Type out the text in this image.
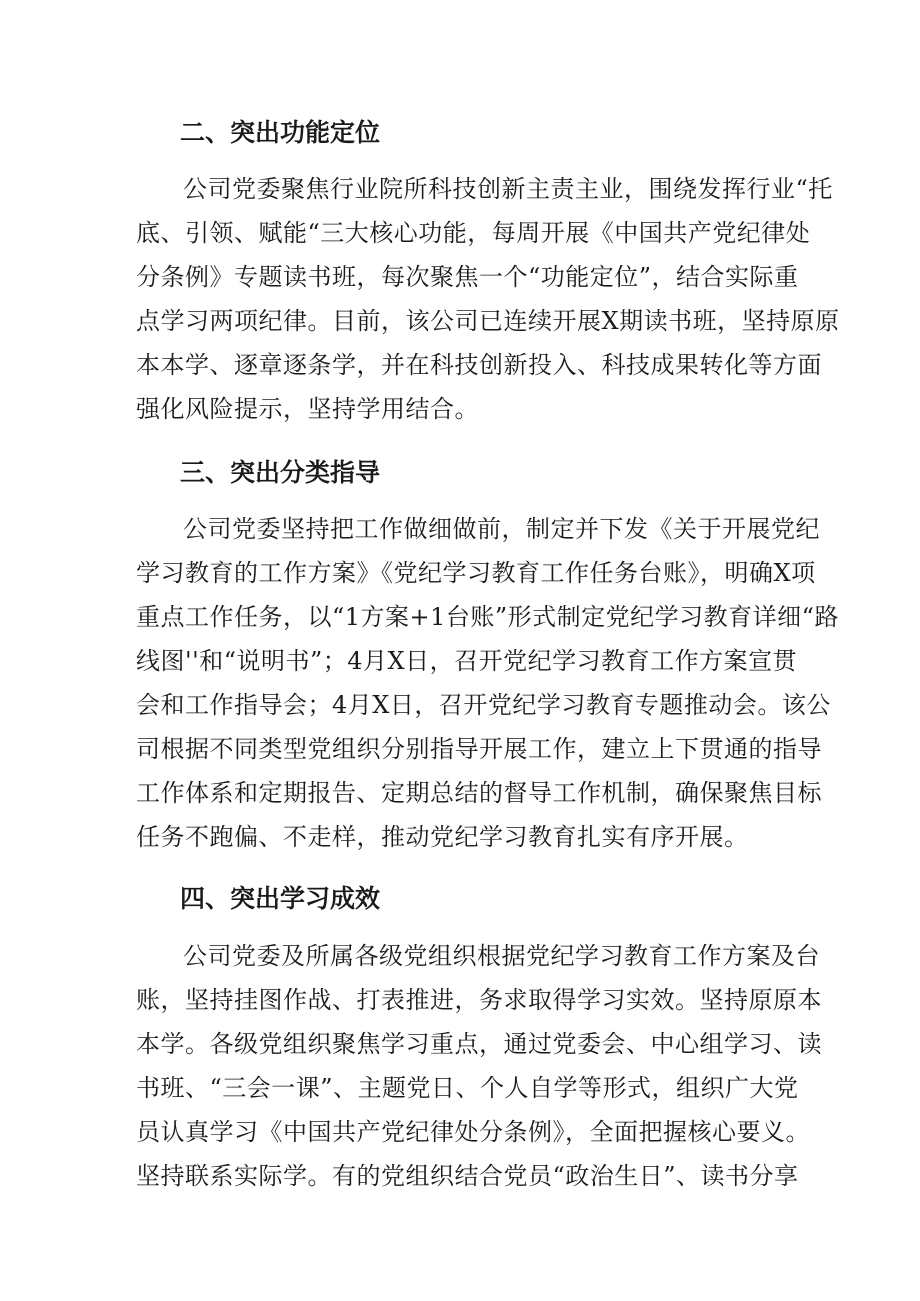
二、突出功能定位
公司党委聚焦行业院所科技创新主责主业，围绕发挥行业“托
底、引领、赋能“三大核心功能，每周开展《中国共产党纪律处
分条例》专题读书班，每次聚焦一个“功能定位”，结合实际重
点学习两项纪律。目前，该公司已连续开展X期读书班，坚持原原
本本学、逐章逐条学，并在科技创新投入、科技成果转化等方面
强化风险提示，坚持学用结合。
三、突出分类指导
公司党委坚持把工作做细做前，制定并下发《关于开展党纪
学习教育的工作方案》《党纪学习教育工作任务台账》，明确X项
重点工作任务，以“1方案+1台账”形式制定党纪学习教育详细“路
线图''和“说明书”；4月X日，召开党纪学习教育工作方案宣贯
会和工作指导会；4月X日，召开党纪学习教育专题推动会。该公
司根据不同类型党组织分别指导开展工作，建立上下贯通的指导
工作体系和定期报告、定期总结的督导工作机制，确保聚焦目标
任务不跑偏、不走样，推动党纪学习教育扎实有序开展。
四、突出学习成效
公司党委及所属各级党组织根据党纪学习教育工作方案及台
账，坚持挂图作战、打表推进，务求取得学习实效。坚持原原本
本学。各级党组织聚焦学习重点，通过党委会、中心组学习、读
书班、“三会一课”、主题党日、个人自学等形式，组织广大党
员认真学习《中国共产党纪律处分条例》，全面把握核心要义。
坚持联系实际学。有的党组织结合党员“政治生日”、读书分享
